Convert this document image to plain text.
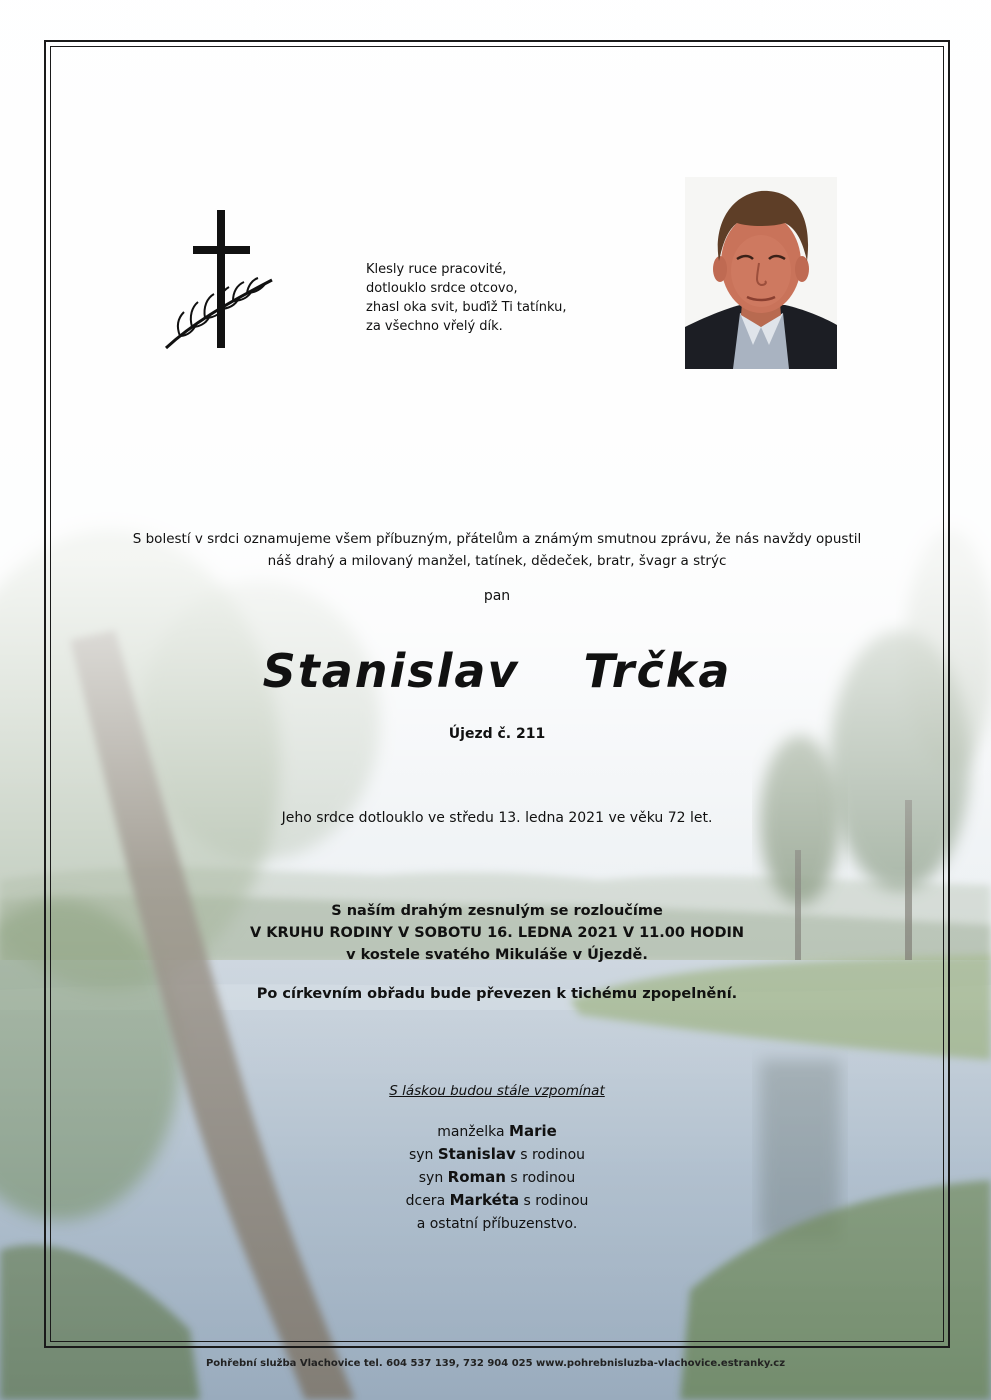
Klesly ruce pracovité,
dotlouklo srdce otcovo,
zhasl oka svit, buďiž Ti tatínku,
za všechno vřelý dík.
S bolestí v srdci oznamujeme všem příbuzným, přátelům a známým smutnou zprávu, že nás navždy opustil
náš drahý a milovaný manžel, tatínek, dědeček, bratr, švagr a strýc
pan
Stanislav  Trčka
Újezd č. 211
Jeho srdce dotlouklo ve středu 13. ledna 2021 ve věku 72 let.
S naším drahým zesnulým se rozloučíme
V KRUHU RODINY V SOBOTU 16. LEDNA 2021 V 11.00 HODIN
v kostele svatého Mikuláše v Újezdě.
Po církevním obřadu bude převezen k tichému zpopelnění.
S láskou budou stále vzpomínat
manželka Marie
syn Stanislav s rodinou
syn Roman s rodinou
dcera Markéta s rodinou
a ostatní příbuzenstvo.
Pohřební služba Vlachovice tel. 604 537 139, 732 904 025 www.pohrebnisluzba-vlachovice.estranky.cz
